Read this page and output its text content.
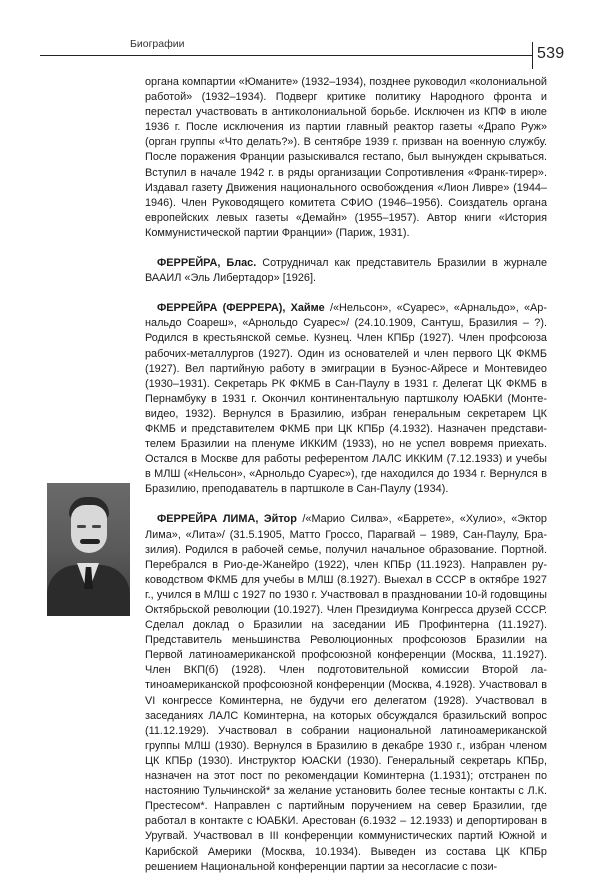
Биографии
539

органа компартии «Юманите» (1932–1934), позднее руководил «колониальной работой» (1932–1934). Подверг критике политику Народного фронта и перестал участвовать в антиколониальной борьбе. Исключен из КПФ в июле 1936 г. После исключения из партии главный реактор газеты «Драпо Руж» (орган группы «Что делать?»). В сентябре 1939 г. призван на военную службу. После поражения Франции разыскивался гестапо, был вынужден скрываться. Вступил в начале 1942 г. в ряды организации Сопротивления «Франк-тирер». Издавал газету Движения национального освобождения «Лион Ливре» (1944–1946). Член Руководящего комитета СФИО (1946–1956). Соиздатель органа европейских левых газеты «Демайн» (1955–1957). Автор книги «История Коммунистической партии Франции» (Париж, 1931).

ФЕРРЕЙРА, Блас. Сотрудничал как представитель Бразилии в журнале ВААИЛ «Эль Либертадор» [1926].

ФЕРРЕЙРА (ФЕРРЕРА), Хайме /«Нельсон», «Суарес», «Арнальдо», «Арнальдо Соареш», «Арнольдо Суарес»/ (24.10.1909, Сантуш, Бразилия – ?). Родился в крестьянской семье. Кузнец. Член КПБр (1927). Член профсоюза рабочих-металлургов (1927). Один из основателей и член первого ЦК ФКМБ (1927). Вел партийную работу в эмиграции в Буэнос-Айресе и Монтевидео (1930–1931). Секретарь РК ФКМБ в Сан-Паулу в 1931 г. Делегат ЦК ФКМБ в Пернамбуку в 1931 г. Окончил континентальную партшколу ЮАБКИ (Монтевидео, 1932). Вернулся в Бразилию, избран генеральным секретарем ЦК ФКМБ и представителем ФКМБ при ЦК КПБр (4.1932). Назначен представителем Бразилии на пленуме ИККИМ (1933), но не успел вовремя приехать. Остался в Москве для работы референтом ЛАЛС ИККИМ (7.12.1933) и учебы в МЛШ («Нельсон», «Арнольдо Суарес»), где находился до 1934 г. Вернулся в Бразилию, преподаватель в партшколе в Сан-Паулу (1934).

ФЕРРЕЙРА ЛИМА, Эйтор /«Марио Силва», «Баррете», «Хулио», «Эктор Лима», «Лита»/ (31.5.1905, Матто Гроссо, Парагвай – 1989, Сан-Паулу, Бразилия). Родился в рабочей семье, получил начальное образование. Портной. Перебрался в Рио-де-Жанейро (1922), член КПБр (11.1923). Направлен руководством ФКМБ для учебы в МЛШ (8.1927). Выехал в СССР в октябре 1927 г., учился в МЛШ с 1927 по 1930 г. Участвовал в праздновании 10-й годовщины Октябрьской революции (10.1927). Член Президиума Конгресса друзей СССР. Сделал доклад о Бразилии на заседании ИБ Профинтерна (11.1927). Представитель меньшинства Революционных профсоюзов Бразилии на Первой латиноамериканской профсоюзной конференции (Москва, 11.1927). Член ВКП(б) (1928). Член подготовительной комиссии Второй латиноамериканской профсоюзной конференции (Москва, 4.1928). Участвовал в VI конгрессе Коминтерна, не будучи его делегатом (1928). Участвовал в заседаниях ЛАЛС Коминтерна, на которых обсуждался бразильский вопрос (11.12.1929). Участвовал в собрании национальной латиноамериканской группы МЛШ (1930). Вернулся в Бразилию в декабре 1930 г., избран членом ЦК КПБр (1930). Инструктор ЮАСКИ (1930). Генеральный секретарь КПБр, назначен на этот пост по рекомендации Коминтерна (1.1931); отстранен по настоянию Тульчинской* за желание установить более тесные контакты с Л.К. Престесом*. Направлен с партийным поручением на север Бразилии, где работал в контакте с ЮАБКИ. Арестован (6.1932 – 12.1933) и депортирован в Уругвай. Участвовал в III конференции коммунистических партий Южной и Карибской Америки (Москва, 10.1934). Выведен из состава ЦК КПБр решением Национальной конференции партии за несогласие с пози-
